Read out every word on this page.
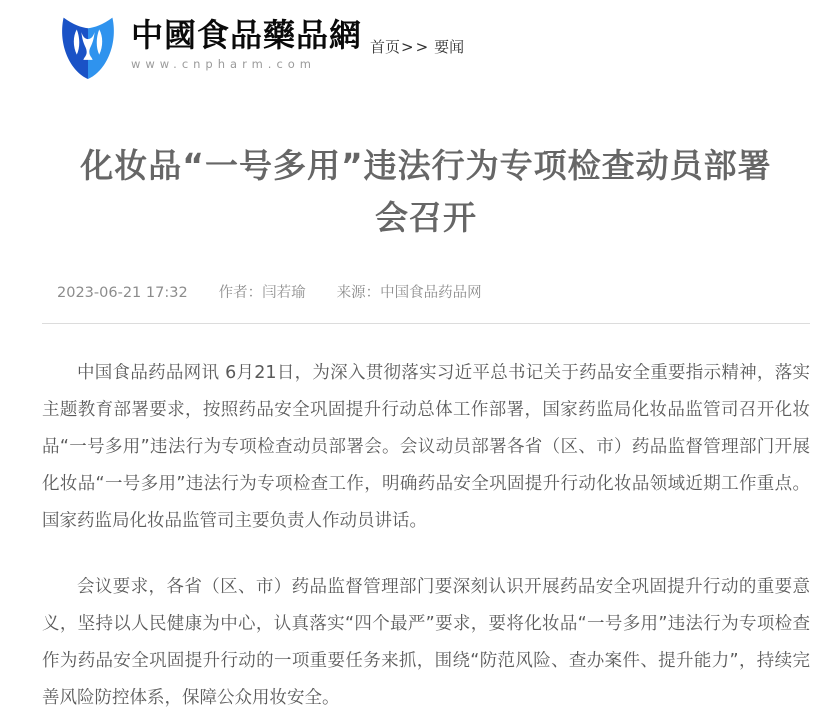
中國食品藥品網
www.cnpharm.com
首页>> 要闻
化妆品“一号多用”违法行为专项检查动员部署会召开
2023-06-21 17:32 作者：闫若瑜 来源：中国食品药品网

中国食品药品网讯 6月21日，为深入贯彻落实习近平总书记关于药品安全重要指示精神，落实主题教育部署要求，按照药品安全巩固提升行动总体工作部署，国家药监局化妆品监管司召开化妆品“一号多用”违法行为专项检查动员部署会。会议动员部署各省（区、市）药品监督管理部门开展化妆品“一号多用”违法行为专项检查工作，明确药品安全巩固提升行动化妆品领域近期工作重点。国家药监局化妆品监管司主要负责人作动员讲话。

会议要求，各省（区、市）药品监督管理部门要深刻认识开展药品安全巩固提升行动的重要意义，坚持以人民健康为中心，认真落实“四个最严”要求，要将化妆品“一号多用”违法行为专项检查作为药品安全巩固提升行动的一项重要任务来抓，围绕“防范风险、查办案件、提升能力”，持续完善风险防控体系，保障公众用妆安全。
